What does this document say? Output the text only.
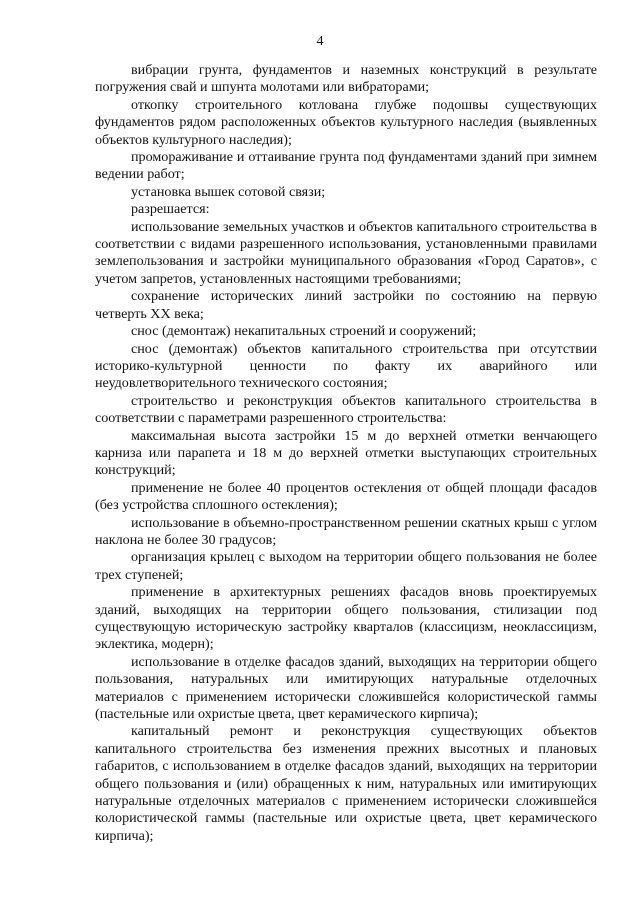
4

вибрации грунта, фундаментов и наземных конструкций в результате погружения свай и шпунта молотами или вибраторами;

откопку строительного котлована глубже подошвы существующих фундаментов рядом расположенных объектов культурного наследия (выявленных объектов культурного наследия);

промораживание и оттаивание грунта под фундаментами зданий при зимнем ведении работ;

установка вышек сотовой связи;

разрешается:

использование земельных участков и объектов капитального строительства в соответствии с видами разрешенного использования, установленными правилами землепользования и застройки муниципального образования «Город Саратов», с учетом запретов, установленных настоящими требованиями;

сохранение исторических линий застройки по состоянию на первую четверть XX века;

снос (демонтаж) некапитальных строений и сооружений;

снос (демонтаж) объектов капитального строительства при отсутствии историко-культурной ценности по факту их аварийного или неудовлетворительного технического состояния;

строительство и реконструкция объектов капитального строительства в соответствии с параметрами разрешенного строительства:

максимальная высота застройки 15 м до верхней отметки венчающего карниза или парапета и 18 м до верхней отметки выступающих строительных конструкций;

применение не более 40 процентов остекления от общей площади фасадов (без устройства сплошного остекления);

использование в объемно-пространственном решении скатных крыш с углом наклона не более 30 градусов;

организация крылец с выходом на территории общего пользования не более трех ступеней;

применение в архитектурных решениях фасадов вновь проектируемых зданий, выходящих на территории общего пользования, стилизации под существующую историческую застройку кварталов (классицизм, неоклассицизм, эклектика, модерн);

использование в отделке фасадов зданий, выходящих на территории общего пользования, натуральных или имитирующих натуральные отделочных материалов с применением исторически сложившейся колористической гаммы (пастельные или охристые цвета, цвет керамического кирпича);

капитальный ремонт и реконструкция существующих объектов капитального строительства без изменения прежних высотных и плановых габаритов, с использованием в отделке фасадов зданий, выходящих на территории общего пользования и (или) обращенных к ним, натуральных или имитирующих натуральные отделочных материалов с применением исторически сложившейся колористической гаммы (пастельные или охристые цвета, цвет керамического кирпича);
